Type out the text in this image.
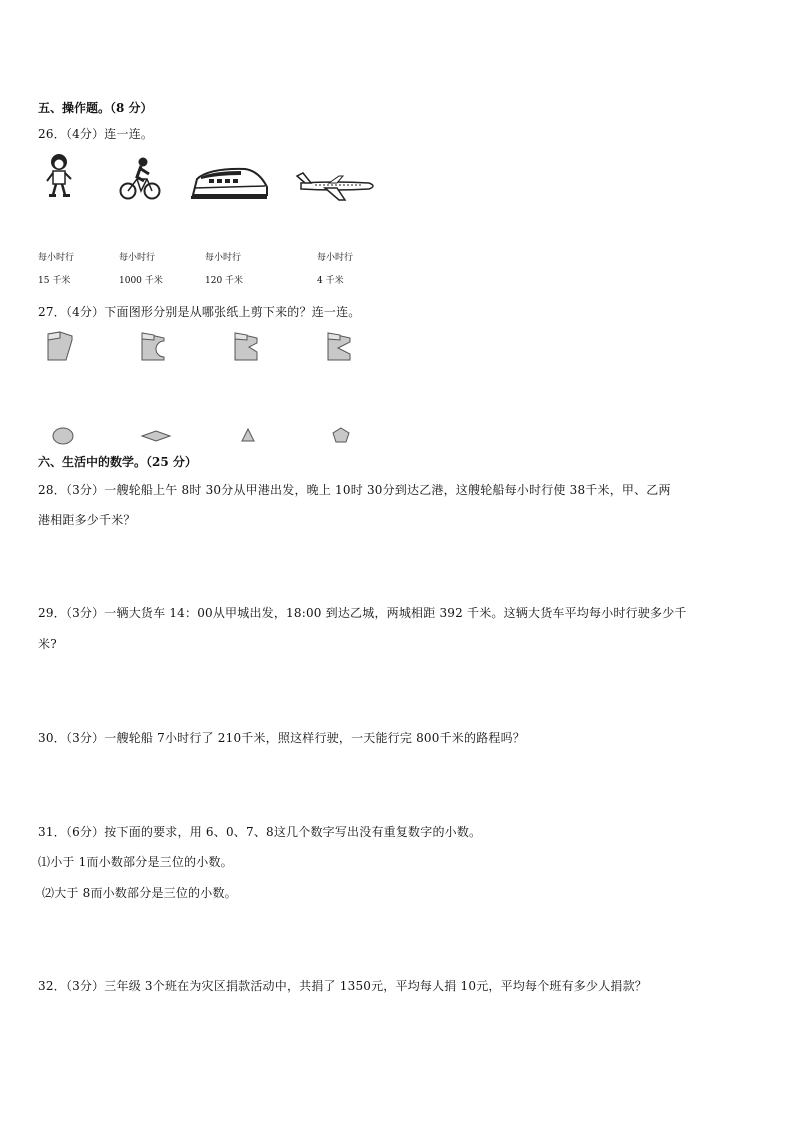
五、操作题。（8 分）
26．（4分）连一连。
每小时行
15 千米
每小时行
1000 千米
每小时行
120 千米
每小时行
4 千米
27．（4分）下面图形分别是从哪张纸上剪下来的？连一连。
六、生活中的数学。（25 分）
28．（3分）一艘轮船上午 8时 30分从甲港出发，晚上 10时 30分到达乙港，这艘轮船每小时行使 38千米，甲、乙两
港相距多少千米？
29．（3分）一辆大货车 14：00从甲城出发，18:00 到达乙城，两城相距 392 千米。这辆大货车平均每小时行驶多少千
米?
30．（3分）一艘轮船 7小时行了 210千米，照这样行驶，一天能行完 800千米的路程吗？
31．（6分）按下面的要求，用 6、0、7、8这几个数字写出没有重复数字的小数。
⑴小于 1而小数部分是三位的小数。
⑵大于 8而小数部分是三位的小数。
32．（3分）三年级 3个班在为灾区捐款活动中，共捐了 1350元，平均每人捐 10元，平均每个班有多少人捐款？
